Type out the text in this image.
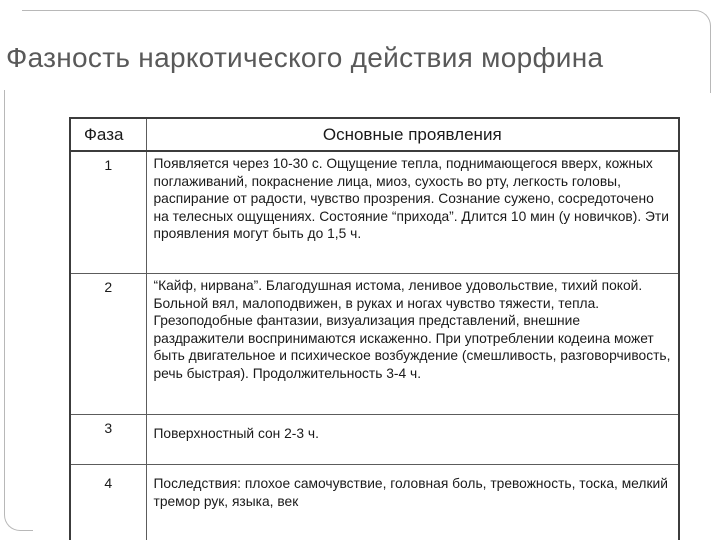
Фазность наркотического действия морфина
Фаза	Основные проявления
1	Появляется через 10-30 с. Ощущение тепла, поднимающегося вверх, кожных поглаживаний, покраснение лица, миоз, сухость во рту, легкость головы, распирание от радости, чувство прозрения. Сознание сужено, сосредоточено на телесных ощущениях. Состояние “прихода”. Длится 10 мин (у новичков). Эти проявления могут быть до 1,5 ч.
2	“Кайф, нирвана”. Благодушная истома, ленивое удовольствие, тихий покой. Больной вял, малоподвижен, в руках и ногах чувство тяжести, тепла. Грезоподобные фантазии, визуализация представлений, внешние раздражители воспринимаются искаженно. При употреблении кодеина может быть двигательное и психическое возбуждение (смешливость, разговорчивость, речь быстрая). Продолжительность 3-4 ч.
3	Поверхностный сон 2-3 ч.
4	Последствия: плохое самочувствие, головная боль, тревожность, тоска, мелкий тремор рук, языка, век
